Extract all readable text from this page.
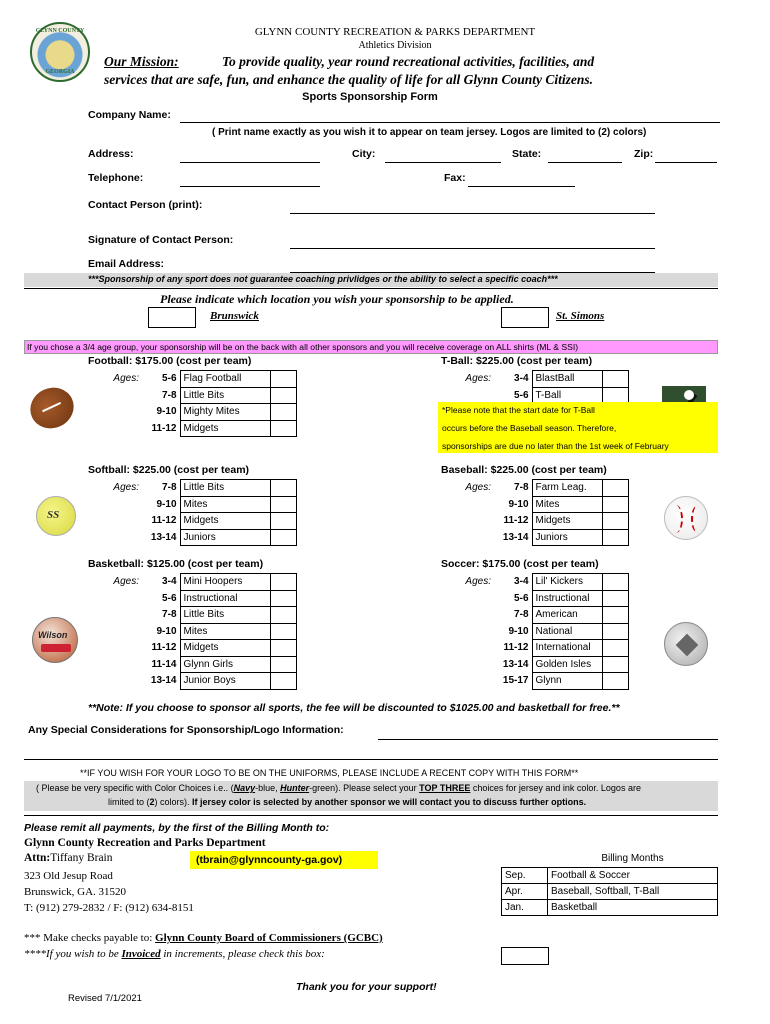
GLYNN COUNTY
GEORGIA
GLYNN COUNTY RECREATION & PARKS DEPARTMENT
Athletics Division
Our Mission:	To provide quality, year round recreational activities, facilities, and
services that are safe, fun, and enhance the quality of life for all Glynn County Citizens.
Sports Sponsorship Form
Company Name:
( Print name exactly as you wish it to appear on team jersey. Logos are limited to (2) colors)
Address:	City:	State:	Zip:
Telephone:	Fax:
Contact Person (print):
Signature of Contact Person:
Email Address:
***Sponsorship of any sport does not guarantee coaching privlidges or the ability to select a specific coach***
Please indicate which location you wish your sponsorship to be applied.
Brunswick	St. Simons
If you chose a 3/4 age group, your sponsorship will be on the back with all other sponsors and you will receive coverage on ALL shirts (ML & SSI)
Football: $175.00 (cost per team)
Ages:	5-6	Flag Football	
	7-8	Little Bits	
	9-10	Mighty Mites	
	11-12	Midgets	
T-Ball: $225.00 (cost per team)
Ages:	3-4	BlastBall	
	5-6	T-Ball	
*Please note that the start date for T-Ball
occurs before the Baseball season. Therefore,
sponsorships are due no later than the 1st week of February
Softball: $225.00 (cost per team)
SS
Ages:	7-8	Little Bits	
	9-10	Mites	
	11-12	Midgets	
	13-14	Juniors	
Baseball: $225.00 (cost per team)
Ages:	7-8	Farm Leag.	
	9-10	Mites	
	11-12	Midgets	
	13-14	Juniors	
Basketball: $125.00 (cost per team)
Wilson
Ages:	3-4	Mini Hoopers	
	5-6	Instructional	
	7-8	Little Bits	
	9-10	Mites	
	11-12	Midgets	
	11-14	Glynn Girls	
	13-14	Junior Boys	
Soccer: $175.00 (cost per team)
Ages:	3-4	Lil' Kickers	
	5-6	Instructional	
	7-8	American	
	9-10	National	
	11-12	International	
	13-14	Golden Isles	
	15-17	Glynn	
**Note: If you choose to sponsor all sports, the fee will be discounted to $1025.00 and basketball for free.**
Any Special Considerations for Sponsorship/Logo Information:
**IF YOU WISH FOR YOUR LOGO TO BE ON THE UNIFORMS, PLEASE INCLUDE A RECENT COPY WITH THIS FORM**
( Please be very specific with Color Choices i.e.. (Navy-blue, Hunter-green). Please select your TOP THREE choices for jersey and ink color. Logos are
limited to (2) colors). If jersey color is selected by another sponsor we will contact you to discuss further options.
Please remit all payments, by the first of the Billing Month to:
Glynn County Recreation and Parks Department
Attn:Tiffany Brain	(tbrain@glynncounty-ga.gov)
323 Old Jesup Road
Brunswick, GA. 31520
T: (912) 279-2832 / F: (912) 634-8151
	Billing Months
Sep.	Football & Soccer
Apr.	Baseball, Softball, T-Ball
Jan.	Basketball
*** Make checks payable to: Glynn County Board of Commissioners (GCBC)
****If you wish to be Invoiced in increments, please check this box:
Thank you for your support!
Revised 7/1/2021
